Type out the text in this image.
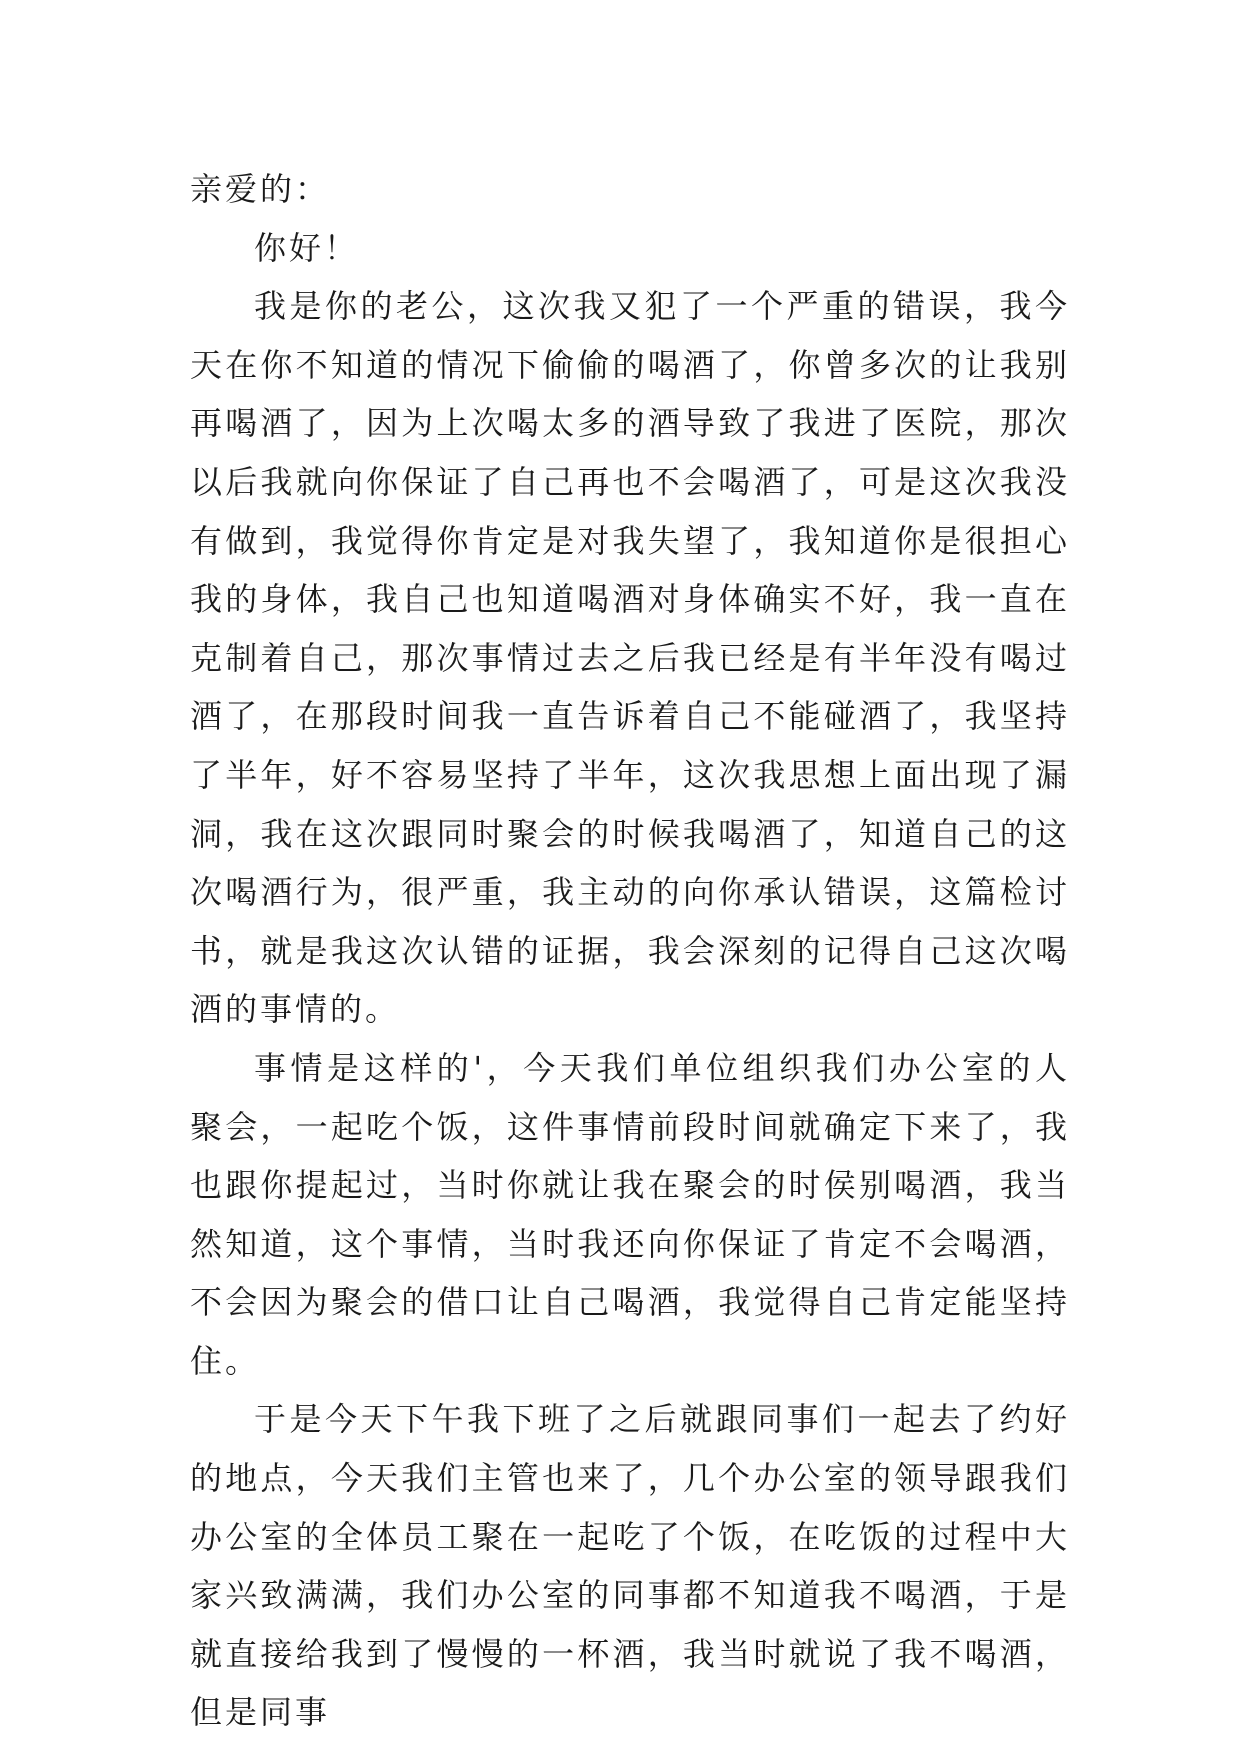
亲爱的：

你好！

我是你的老公，这次我又犯了一个严重的错误，我今天在你不知道的情况下偷偷的喝酒了，你曾多次的让我别再喝酒了，因为上次喝太多的酒导致了我进了医院，那次以后我就向你保证了自己再也不会喝酒了，可是这次我没有做到，我觉得你肯定是对我失望了，我知道你是很担心我的身体，我自己也知道喝酒对身体确实不好，我一直在克制着自己，那次事情过去之后我已经是有半年没有喝过酒了，在那段时间我一直告诉着自己不能碰酒了，我坚持了半年，好不容易坚持了半年，这次我思想上面出现了漏洞，我在这次跟同时聚会的时候我喝酒了，知道自己的这次喝酒行为，很严重，我主动的向你承认错误，这篇检讨书，就是我这次认错的证据，我会深刻的记得自己这次喝酒的事情的。

事情是这样的'，今天我们单位组织我们办公室的人聚会，一起吃个饭，这件事情前段时间就确定下来了，我也跟你提起过，当时你就让我在聚会的时侯别喝酒，我当然知道，这个事情，当时我还向你保证了肯定不会喝酒，不会因为聚会的借口让自己喝酒，我觉得自己肯定能坚持住。

于是今天下午我下班了之后就跟同事们一起去了约好的地点，今天我们主管也来了，几个办公室的领导跟我们办公室的全体员工聚在一起吃了个饭，在吃饭的过程中大家兴致满满，我们办公室的同事都不知道我不喝酒，于是就直接给我到了慢慢的一杯酒，我当时就说了我不喝酒，但是同事
